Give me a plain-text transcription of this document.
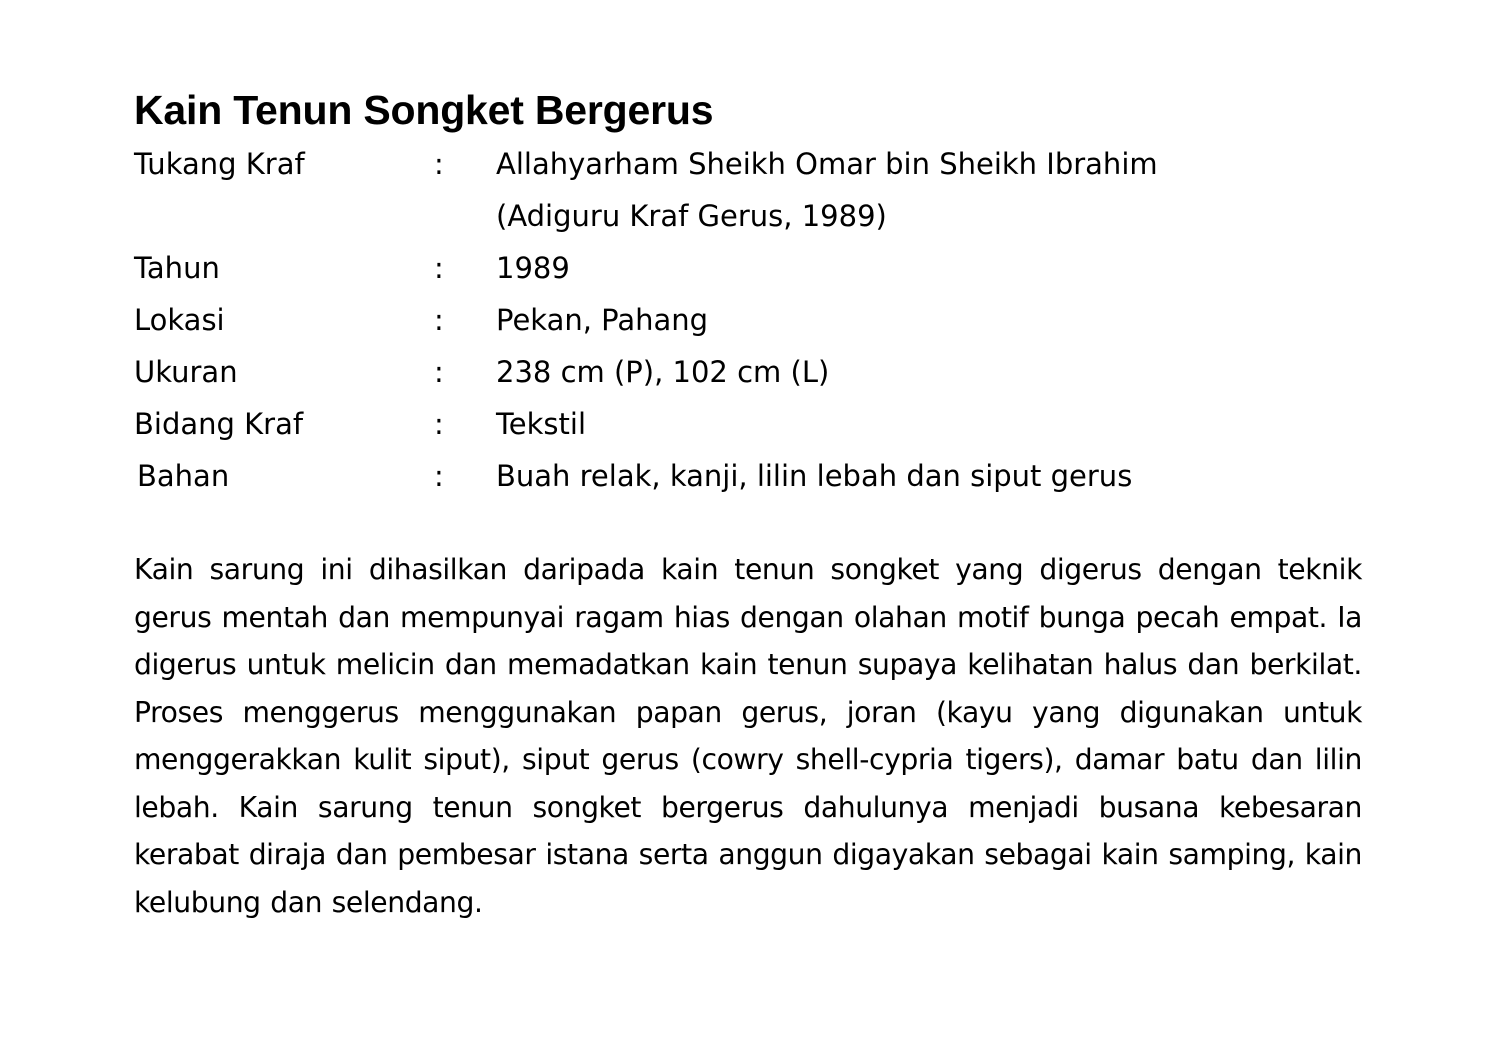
Kain Tenun Songket Bergerus
Tukang Kraf	:	Allahyarham Sheikh Omar bin Sheikh Ibrahim
(Adiguru Kraf Gerus, 1989)
Tahun	:	1989
Lokasi	:	Pekan, Pahang
Ukuran	:	238 cm (P), 102 cm (L)
Bidang Kraf	:	Tekstil
Bahan	:	Buah relak, kanji, lilin lebah dan siput gerus

Kain sarung ini dihasilkan daripada kain tenun songket yang digerus dengan teknik gerus mentah dan mempunyai ragam hias dengan olahan motif bunga pecah empat. Ia digerus untuk melicin dan memadatkan kain tenun supaya kelihatan halus dan berkilat. Proses menggerus menggunakan papan gerus, joran (kayu yang digunakan untuk menggerakkan kulit siput), siput gerus (cowry shell-cypria tigers), damar batu dan lilin lebah. Kain sarung tenun songket bergerus dahulunya menjadi busana kebesaran kerabat diraja dan pembesar istana serta anggun digayakan sebagai kain samping, kain kelubung dan selendang.
